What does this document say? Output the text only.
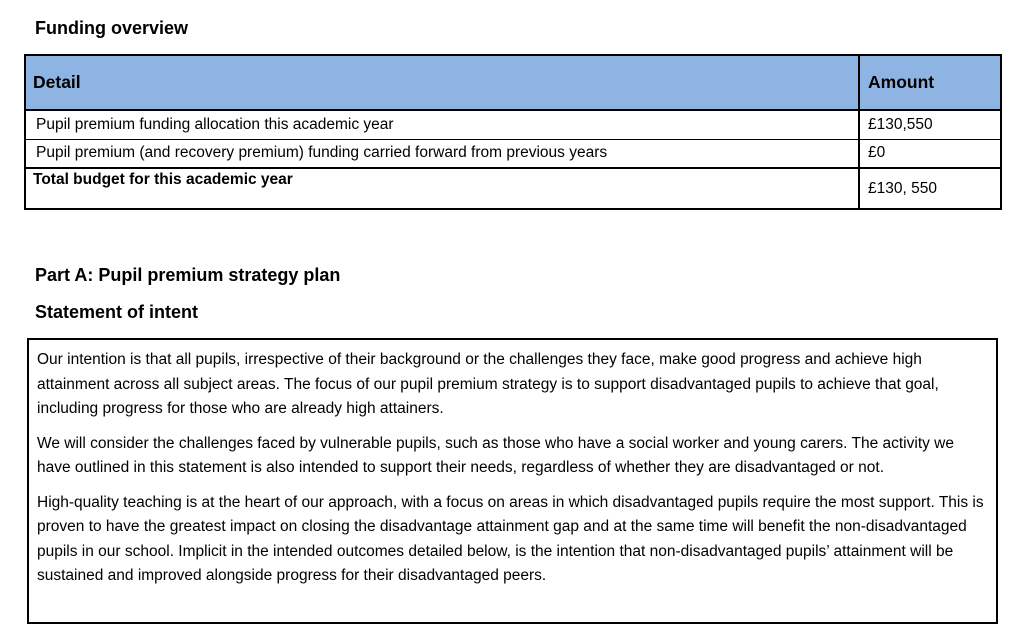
Funding overview
Detail	Amount
Pupil premium funding allocation this academic year	£130,550
Pupil premium (and recovery premium) funding carried forward from previous years	£0
Total budget for this academic year	£130, 550
Part A: Pupil premium strategy plan
Statement of intent

Our intention is that all pupils, irrespective of their background or the challenges they face, make good progress and achieve high attainment across all subject areas. The focus of our pupil premium strategy is to support disadvantaged pupils to achieve that goal, including progress for those who are already high attainers.

We will consider the challenges faced by vulnerable pupils, such as those who have a social worker and young carers. The activity we have outlined in this statement is also intended to support their needs, regardless of whether they are disadvantaged or not.

High-quality teaching is at the heart of our approach, with a focus on areas in which disadvantaged pupils require the most support. This is proven to have the greatest impact on closing the disadvantage attainment gap and at the same time will benefit the non-disadvantaged pupils in our school. Implicit in the intended outcomes detailed below, is the intention that non-disadvantaged pupils’ attainment will be sustained and improved alongside progress for their disadvantaged peers.
